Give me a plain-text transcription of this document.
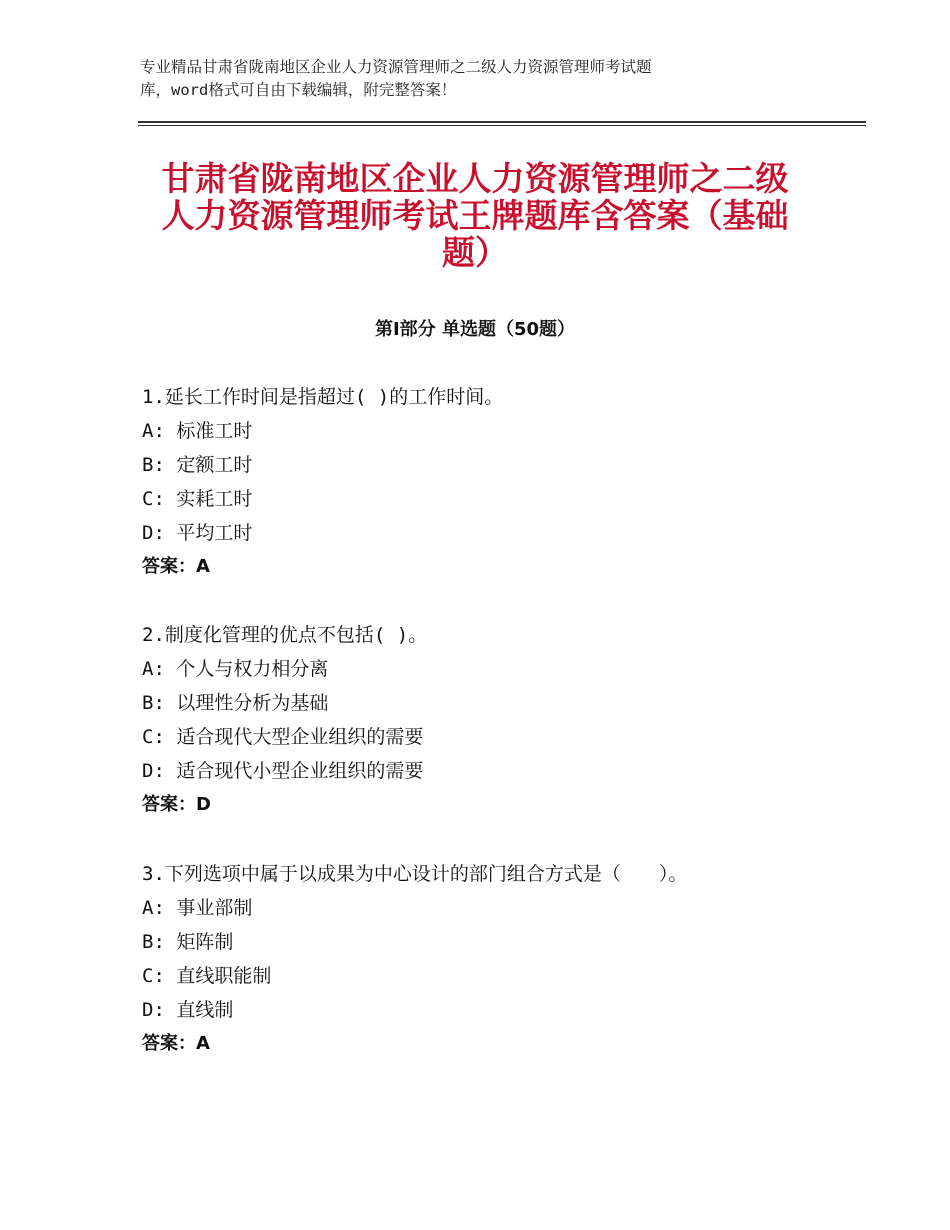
专业精品甘肃省陇南地区企业人力资源管理师之二级人力资源管理师考试题
库，word格式可自由下载编辑，附完整答案！
甘肃省陇南地区企业人力资源管理师之二级
人力资源管理师考试王牌题库含答案（基础
题）
第Ⅰ部分 单选题（50题）
1.延长工作时间是指超过( )的工作时间。
A: 标准工时
B: 定额工时
C: 实耗工时
D: 平均工时
答案：A
2.制度化管理的优点不包括( )。
A: 个人与权力相分离
B: 以理性分析为基础
C: 适合现代大型企业组织的需要
D: 适合现代小型企业组织的需要
答案：D
3.下列选项中属于以成果为中心设计的部门组合方式是（　　）。
A: 事业部制
B: 矩阵制
C: 直线职能制
D: 直线制
答案：A
